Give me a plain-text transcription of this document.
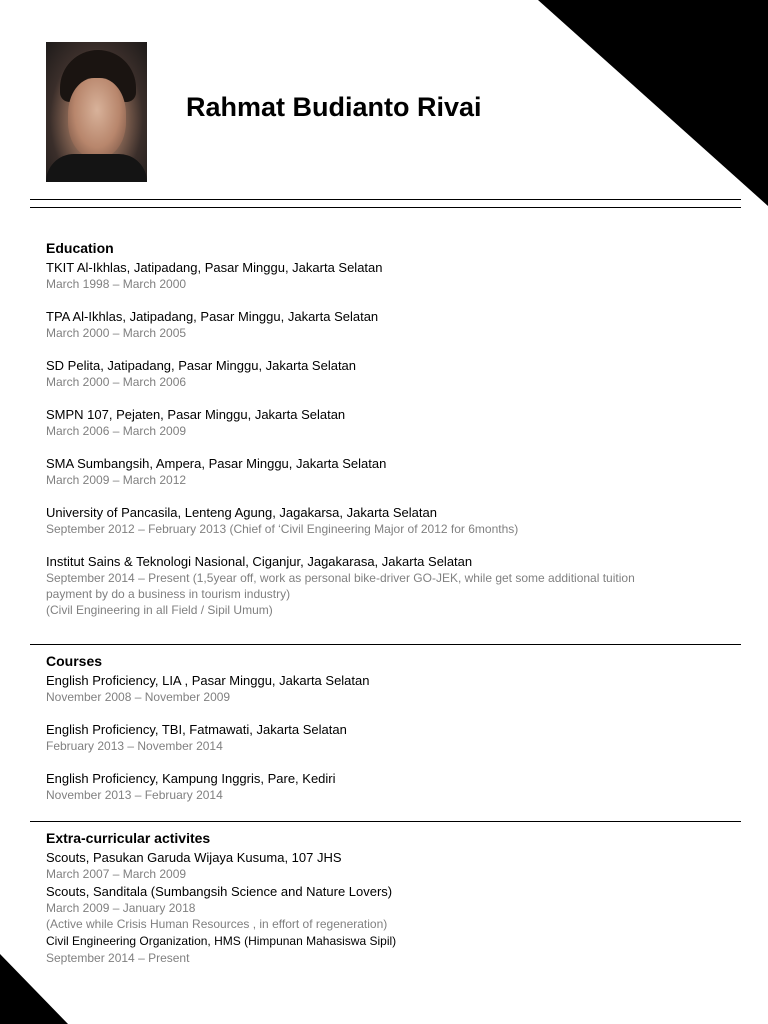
Rahmat Budianto Rivai
Education
TKIT Al-Ikhlas, Jatipadang, Pasar Minggu, Jakarta Selatan
March 1998 – March 2000
TPA Al-Ikhlas, Jatipadang, Pasar Minggu, Jakarta Selatan
March 2000 – March 2005
SD Pelita, Jatipadang, Pasar Minggu, Jakarta Selatan
March 2000 – March 2006
SMPN 107, Pejaten, Pasar Minggu, Jakarta Selatan
March 2006 – March 2009
SMA Sumbangsih, Ampera, Pasar Minggu, Jakarta Selatan
March 2009 – March 2012
University of Pancasila, Lenteng Agung, Jagakarsa, Jakarta Selatan
September 2012 – February 2013 (Chief of ‘Civil Engineering Major of 2012 for 6months)
Institut Sains & Teknologi Nasional, Ciganjur, Jagakarasa, Jakarta Selatan
September 2014 – Present (1,5year off, work as personal bike-driver GO-JEK, while get some additional tuition
payment by do a business in tourism industry)
(Civil Engineering in all Field / Sipil Umum)
Courses
English Proficiency, LIA , Pasar Minggu, Jakarta Selatan
November 2008 – November 2009
English Proficiency, TBI, Fatmawati, Jakarta Selatan
February 2013 – November 2014
English Proficiency, Kampung Inggris, Pare, Kediri
November 2013 – February 2014
Extra-curricular activites
Scouts, Pasukan Garuda Wijaya Kusuma, 107 JHS
March 2007 – March 2009
Scouts, Sanditala (Sumbangsih Science and Nature Lovers)
March 2009 – January 2018
(Active while Crisis Human Resources , in effort of regeneration)
Civil Engineering Organization, HMS (Himpunan Mahasiswa Sipil)
September 2014 – Present
